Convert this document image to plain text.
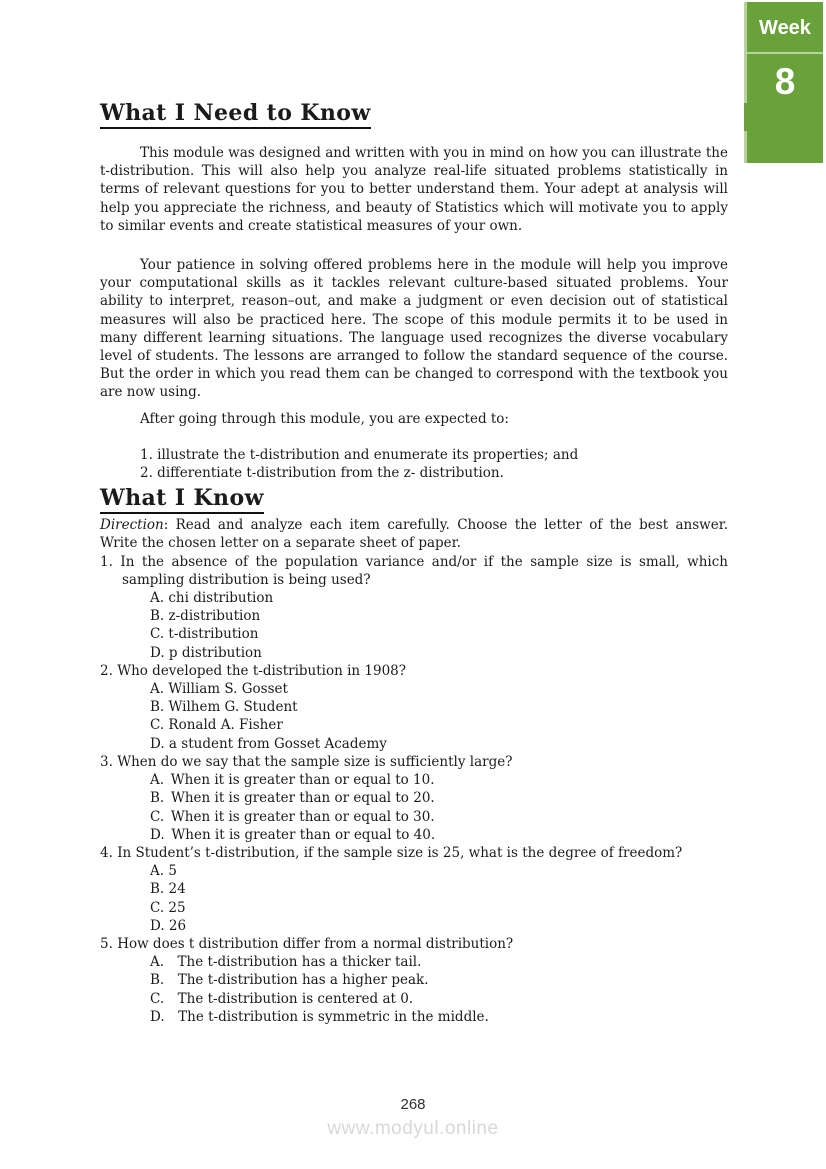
Week
8
What I Need to Know

This module was designed and written with you in mind on how you can illustrate the t-distribution. This will also help you analyze real-life situated problems statistically in terms of relevant questions for you to better understand them. Your adept at analysis will help you appreciate the richness, and beauty of Statistics which will motivate you to apply to similar events and create statistical measures of your own.

Your patience in solving offered problems here in the module will help you improve your computational skills as it tackles relevant culture-based situated problems. Your ability to interpret, reason–out, and make a judgment or even decision out of statistical measures will also be practiced here. The scope of this module permits it to be used in many different learning situations. The language used recognizes the diverse vocabulary level of students. The lessons are arranged to follow the standard sequence of the course. But the order in which you read them can be changed to correspond with the textbook you are now using.

After going through this module, you are expected to:
1. illustrate the t-distribution and enumerate its properties; and
2. differentiate t-distribution from the z- distribution.
What I Know
Direction: Read and analyze each item carefully. Choose the letter of the best answer. Write the chosen letter on a separate sheet of paper.
1. In the absence of the population variance and/or if the sample size is small, which sampling distribution is being used?
A. chi distribution
B. z-distribution
C. t-distribution
D. p distribution
2. Who developed the t-distribution in 1908?
A. William S. Gosset
B. Wilhem G. Student
C. Ronald A. Fisher
D. a student from Gosset Academy
3. When do we say that the sample size is sufficiently large?
A. When it is greater than or equal to 10.
B. When it is greater than or equal to 20.
C. When it is greater than or equal to 30.
D. When it is greater than or equal to 40.
4. In Student’s t-distribution, if the sample size is 25, what is the degree of freedom?
A. 5
B. 24
C. 25
D. 26
5. How does t distribution differ from a normal distribution?
A. The t-distribution has a thicker tail.
B. The t-distribution has a higher peak.
C. The t-distribution is centered at 0.
D. The t-distribution is symmetric in the middle.
268
www.modyul.online
